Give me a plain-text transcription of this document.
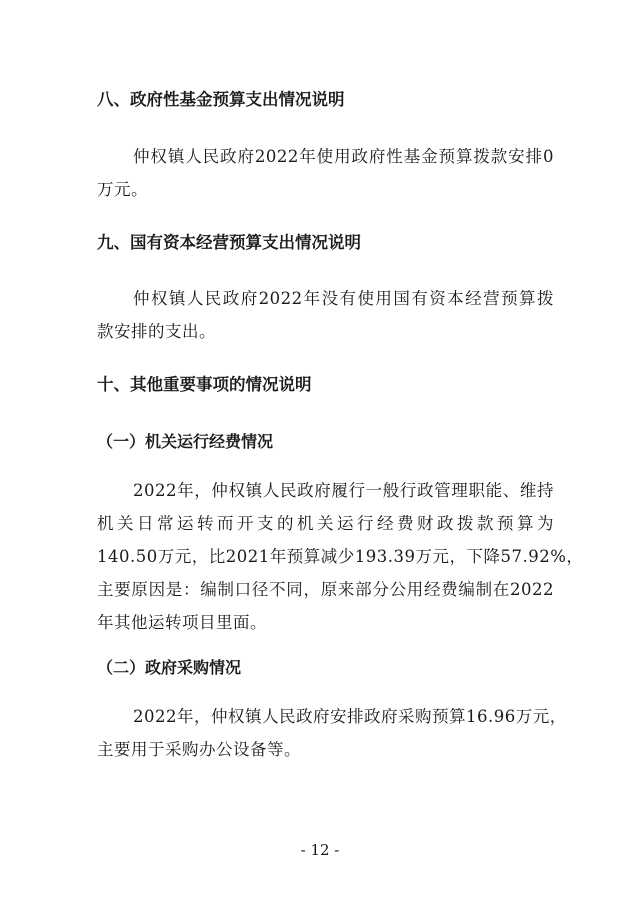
八、政府性基金预算支出情况说明
仲权镇人民政府2022年使用政府性基金预算拨款安排0
万元。
九、国有资本经营预算支出情况说明
仲权镇人民政府2022年没有使用国有资本经营预算拨
款安排的支出。
十、其他重要事项的情况说明
（一）机关运行经费情况
2022年，仲权镇人民政府履行一般行政管理职能、维持
机关日常运转而开支的机关运行经费财政拨款预算为
140.50万元，比2021年预算减少193.39万元，下降57.92%，
主要原因是：编制口径不同，原来部分公用经费编制在2022
年其他运转项目里面。
（二）政府采购情况
2022年，仲权镇人民政府安排政府采购预算16.96万元，
主要用于采购办公设备等。
- 12 -
